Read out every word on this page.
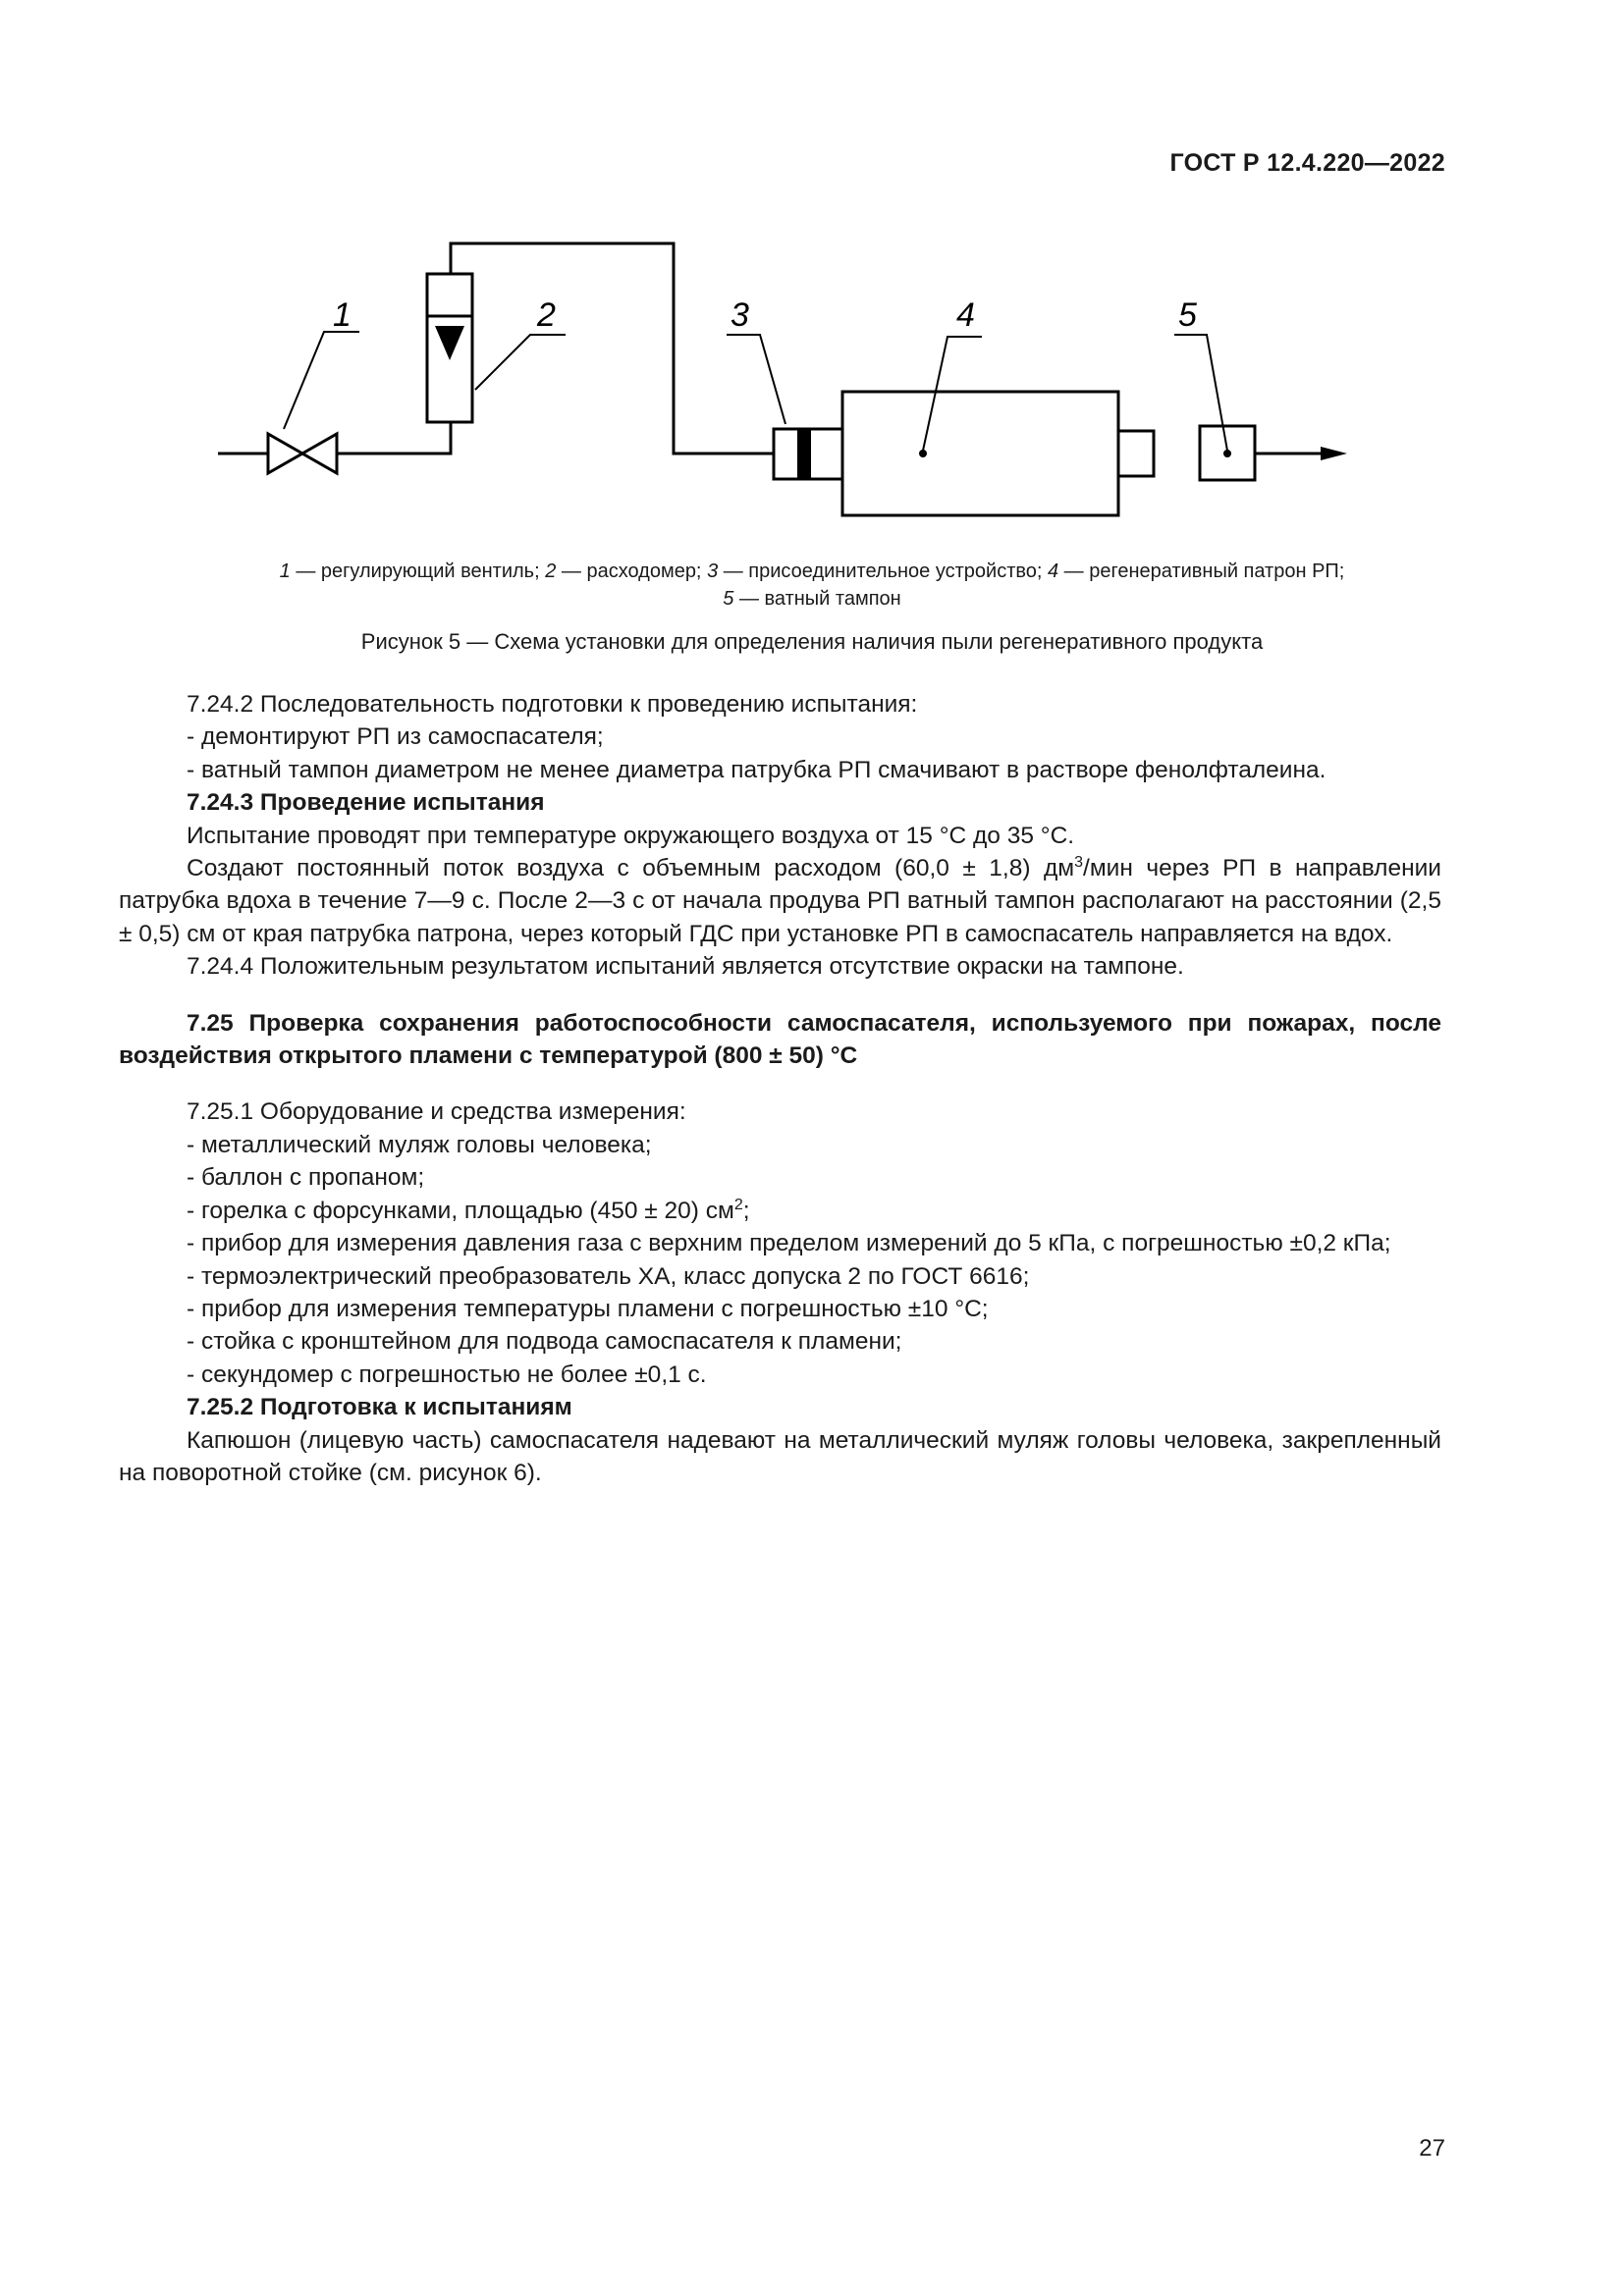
ГОСТ Р 12.4.220—2022
1	2	3	4	5
1 — регулирующий вентиль; 2 — расходомер; 3 — присоединительное устройство; 4 — регенеративный патрон РП;
5 — ватный тампон
Рисунок 5 — Схема установки для определения наличия пыли регенеративного продукта

7.24.2 Последовательность подготовки к проведению испытания:

- демонтируют РП из самоспасателя;

- ватный тампон диаметром не менее диаметра патрубка РП смачивают в растворе фенолфталеина.

7.24.3 Проведение испытания

Испытание проводят при температуре окружающего воздуха от 15 °С до 35 °С.

Создают постоянный поток воздуха с объемным расходом (60,0 ± 1,8) $дм^3$/мин через РП в направлении патрубка вдоха в течение 7—9 с. После 2—3 с от начала продува РП ватный тампон располагают на расстоянии (2,5 ± 0,5) см от края патрубка патрона, через который ГДС при установке РП в самоспасатель направляется на вдох.

7.24.4 Положительным результатом испытаний является отсутствие окраски на тампоне.

7.25 Проверка сохранения работоспособности самоспасателя, используемого при пожарах, после воздействия открытого пламени с температурой (800 ± 50) °С

7.25.1 Оборудование и средства измерения:

- металлический муляж головы человека;

- баллон с пропаном;

- горелка с форсунками, площадью (450 ± 20) $см^2$;

- прибор для измерения давления газа с верхним пределом измерений до 5 кПа, с погрешностью ±0,2 кПа;

- термоэлектрический преобразователь ХА, класс допуска 2 по ГОСТ 6616;

- прибор для измерения температуры пламени с погрешностью ±10 °С;

- стойка с кронштейном для подвода самоспасателя к пламени;

- секундомер с погрешностью не более ±0,1 с.

7.25.2 Подготовка к испытаниям

Капюшон (лицевую часть) самоспасателя надевают на металлический муляж головы человека, закрепленный на поворотной стойке (см. рисунок 6).

27
